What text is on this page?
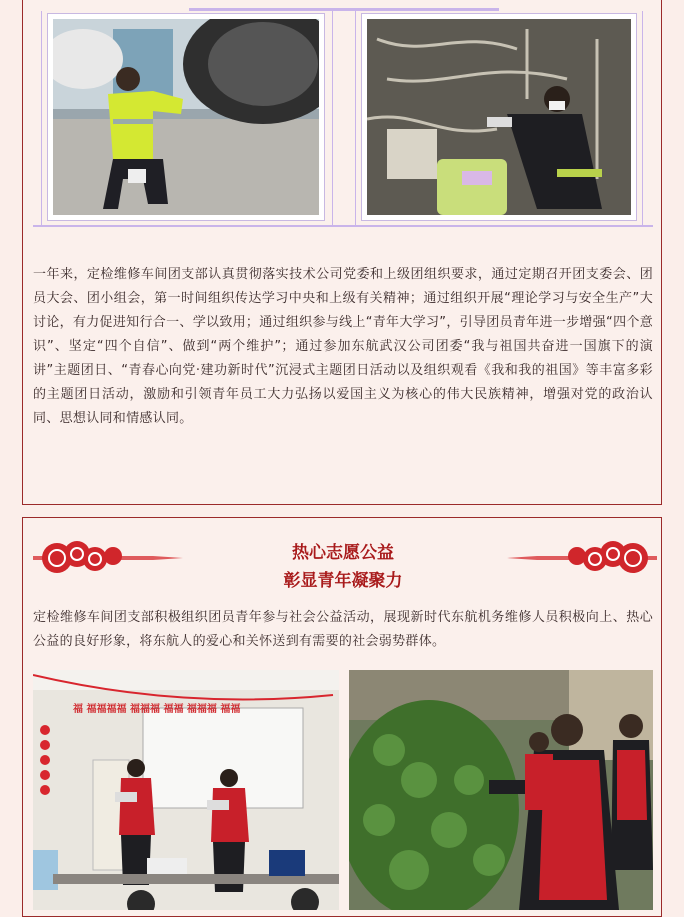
一年来，定检维修车间团支部认真贯彻落实技术公司党委和上级团组织要求，通过定期召开团支委会、团员大会、团小组会，第一时间组织传达学习中央和上级有关精神；通过组织开展“理论学习与安全生产”大讨论，有力促进知行合一、学以致用；通过组织参与线上“青年大学习”，引导团员青年进一步增强“四个意识”、坚定“四个自信”、做到“两个维护”；通过参加东航武汉公司团委“我与祖国共奋进一国旗下的演讲”主题团日、“青春心向党·建功新时代”沉浸式主题团日活动以及组织观看《我和我的祖国》等丰富多彩的主题团日活动，激励和引领青年员工大力弘扬以爱国主义为核心的伟大民族精神，增强对党的政治认同、思想认同和情感认同。
热心志愿公益
彰显青年凝聚力
定检维修车间团支部积极组织团员青年参与社会公益活动，展现新时代东航机务维修人员积极向上、热心公益的良好形象，将东航人的爱心和关怀送到有需要的社会弱势群体。
福 福福福福 福福福 福福 福福福 福福
